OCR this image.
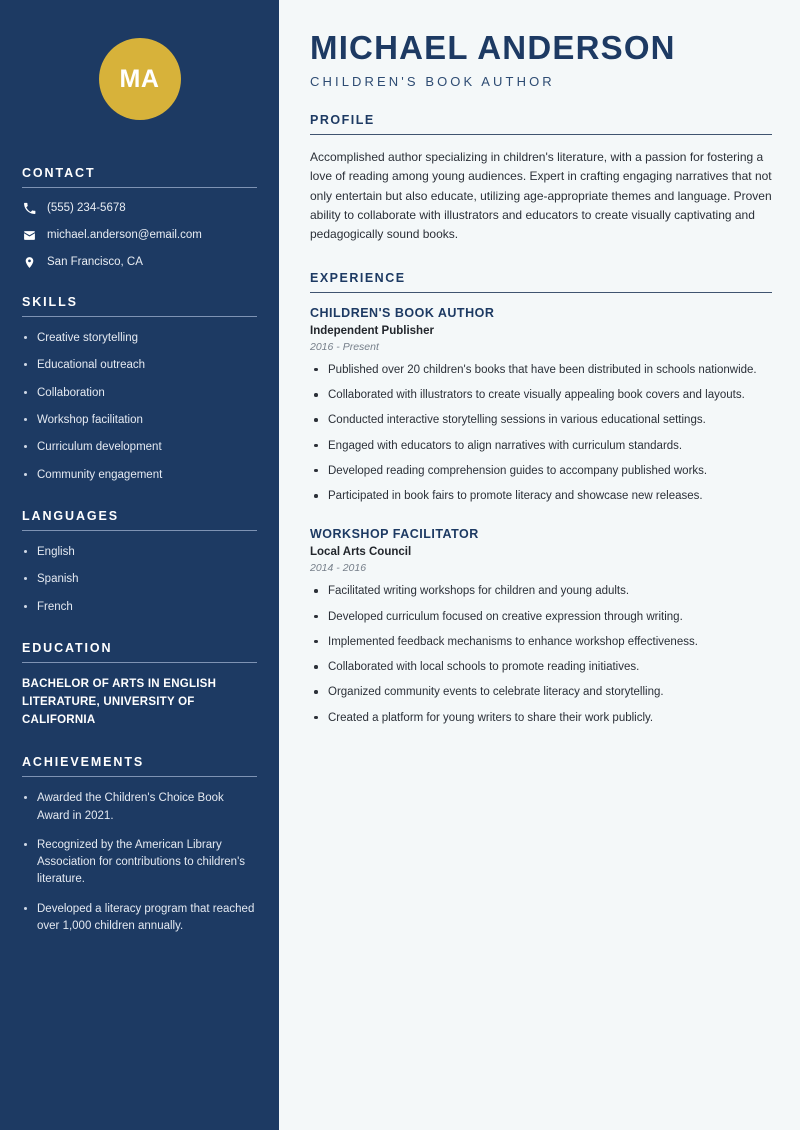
MA
CONTACT
(555) 234-5678
michael.anderson@email.com
San Francisco, CA
SKILLS
Creative storytelling
Educational outreach
Collaboration
Workshop facilitation
Curriculum development
Community engagement
LANGUAGES
English
Spanish
French
EDUCATION
BACHELOR OF ARTS IN ENGLISH LITERATURE, UNIVERSITY OF CALIFORNIA
ACHIEVEMENTS
Awarded the Children's Choice Book Award in 2021.
Recognized by the American Library Association for contributions to children's literature.
Developed a literacy program that reached over 1,000 children annually.
MICHAEL ANDERSON
CHILDREN'S BOOK AUTHOR
PROFILE

Accomplished author specializing in children's literature, with a passion for fostering a love of reading among young audiences. Expert in crafting engaging narratives that not only entertain but also educate, utilizing age-appropriate themes and language. Proven ability to collaborate with illustrators and educators to create visually captivating and pedagogically sound books.

EXPERIENCE
CHILDREN'S BOOK AUTHOR
Independent Publisher
2016 - Present
Published over 20 children's books that have been distributed in schools nationwide.
Collaborated with illustrators to create visually appealing book covers and layouts.
Conducted interactive storytelling sessions in various educational settings.
Engaged with educators to align narratives with curriculum standards.
Developed reading comprehension guides to accompany published works.
Participated in book fairs to promote literacy and showcase new releases.
WORKSHOP FACILITATOR
Local Arts Council
2014 - 2016
Facilitated writing workshops for children and young adults.
Developed curriculum focused on creative expression through writing.
Implemented feedback mechanisms to enhance workshop effectiveness.
Collaborated with local schools to promote reading initiatives.
Organized community events to celebrate literacy and storytelling.
Created a platform for young writers to share their work publicly.
